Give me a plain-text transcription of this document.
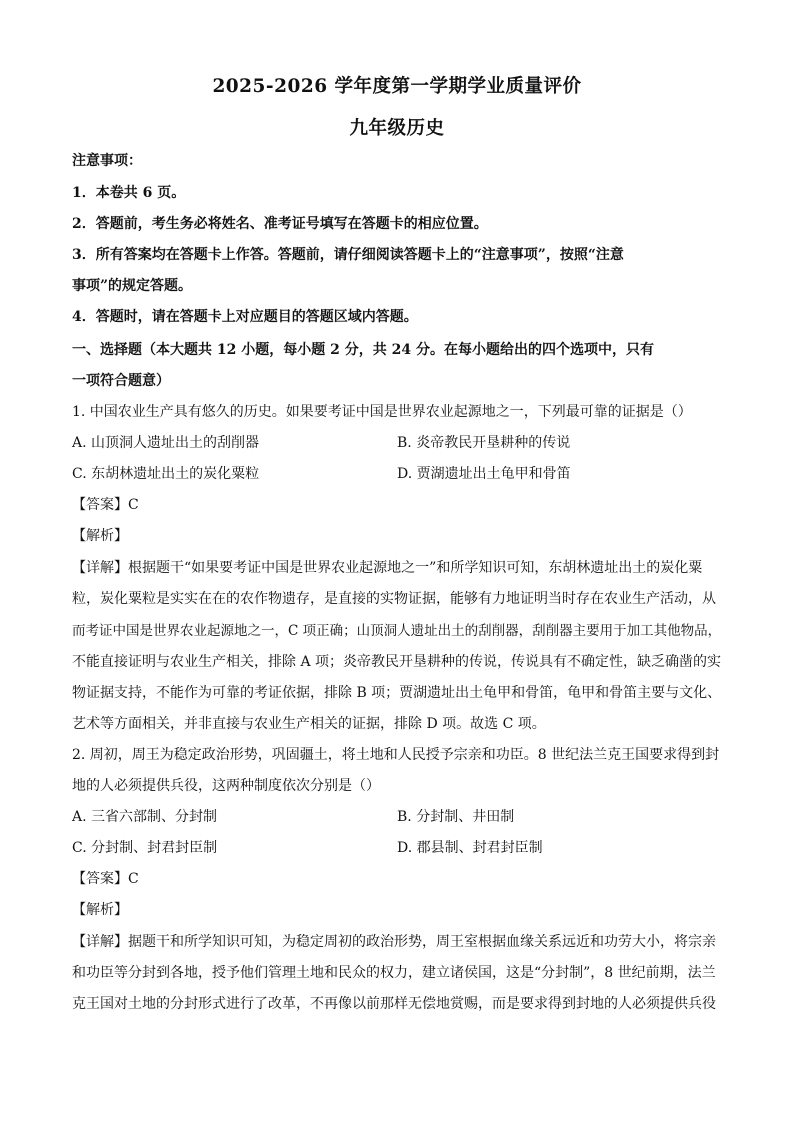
2025-2026 学年度第一学期学业质量评价
九年级历史
注意事项：
1．本卷共 6 页。
2．答题前，考生务必将姓名、准考证号填写在答题卡的相应位置。
3．所有答案均在答题卡上作答。答题前，请仔细阅读答题卡上的“注意事项”，按照“注意
事项”的规定答题。
4．答题时，请在答题卡上对应题目的答题区域内答题。
一、选择题（本大题共 12 小题，每小题 2 分，共 24 分。在每小题给出的四个选项中，只有
一项符合题意）
1. 中国农业生产具有悠久的历史。如果要考证中国是世界农业起源地之一，下列最可靠的证据是（）
A. 山顶洞人遗址出土的刮削器	B. 炎帝教民开垦耕种的传说
C. 东胡林遗址出土的炭化粟粒	D. 贾湖遗址出土龟甲和骨笛
【答案】C
【解析】
【详解】根据题干“如果要考证中国是世界农业起源地之一”和所学知识可知，东胡林遗址出土的炭化粟
粒，炭化粟粒是实实在在的农作物遗存，是直接的实物证据，能够有力地证明当时存在农业生产活动，从
而考证中国是世界农业起源地之一，C 项正确；山顶洞人遗址出土的刮削器，刮削器主要用于加工其他物品，
不能直接证明与农业生产相关，排除 A 项；炎帝教民开垦耕种的传说，传说具有不确定性，缺乏确凿的实
物证据支持，不能作为可靠的考证依据，排除 B 项；贾湖遗址出土龟甲和骨笛，龟甲和骨笛主要与文化、
艺术等方面相关，并非直接与农业生产相关的证据，排除 D 项。故选 C 项。
2. 周初，周王为稳定政治形势，巩固疆土，将土地和人民授予宗亲和功臣。8 世纪法兰克王国要求得到封
地的人必须提供兵役，这两种制度依次分别是（）
A. 三省六部制、分封制	B. 分封制、井田制
C. 分封制、封君封臣制	D. 郡县制、封君封臣制
【答案】C
【解析】
【详解】据题干和所学知识可知，为稳定周初的政治形势，周王室根据血缘关系远近和功劳大小，将宗亲
和功臣等分封到各地，授予他们管理土地和民众的权力，建立诸侯国，这是“分封制”，8 世纪前期，法兰
克王国对土地的分封形式进行了改革，不再像以前那样无偿地赏赐，而是要求得到封地的人必须提供兵役
